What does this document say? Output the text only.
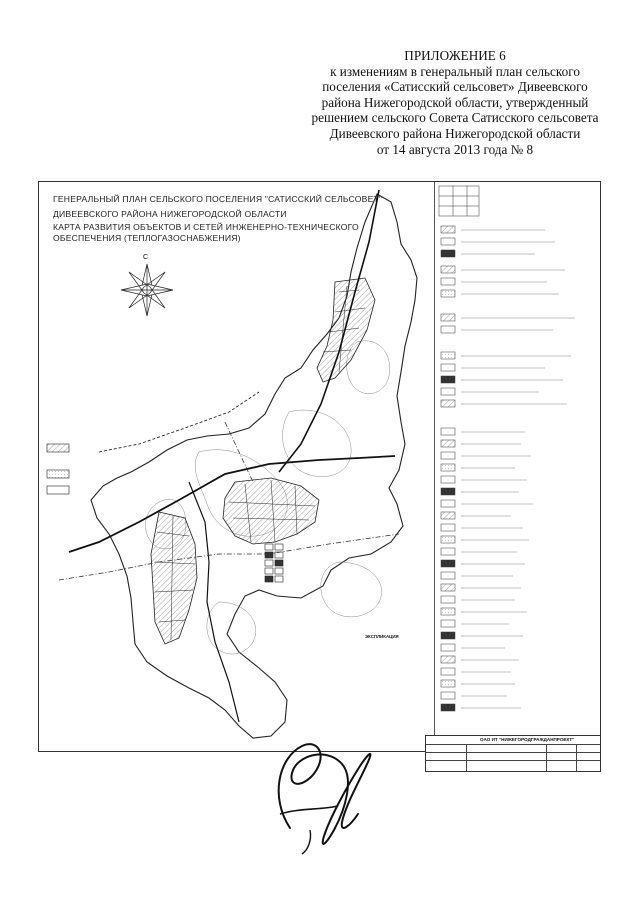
ПРИЛОЖЕНИЕ 6
к изменениям в генеральный план сельского
поселения «Сатисский сельсовет» Дивеевского
района Нижегородской области, утвержденный
решением сельского Совета Сатисского сельсовета
Дивеевского района Нижегородской области
от 14 августа 2013 года № 8
ГЕНЕРАЛЬНЫЙ ПЛАН СЕЛЬСКОГО ПОСЕЛЕНИЯ "САТИССКИЙ СЕЛЬСОВЕТ"
ДИВЕЕВСКОГО РАЙОНА НИЖЕГОРОДСКОЙ ОБЛАСТИ
КАРТА РАЗВИТИЯ ОБЪЕКТОВ И СЕТЕЙ ИНЖЕНЕРНО-ТЕХНИЧЕСКОГО
ОБЕСПЕЧЕНИЯ (ТЕПЛОГАЗОСНАБЖЕНИЯ)
С
ЭКСПЛИКАЦИЯ
ОАО ИТ "НИЖЕГОРОДГРАЖДАНПРОЕКТ"
